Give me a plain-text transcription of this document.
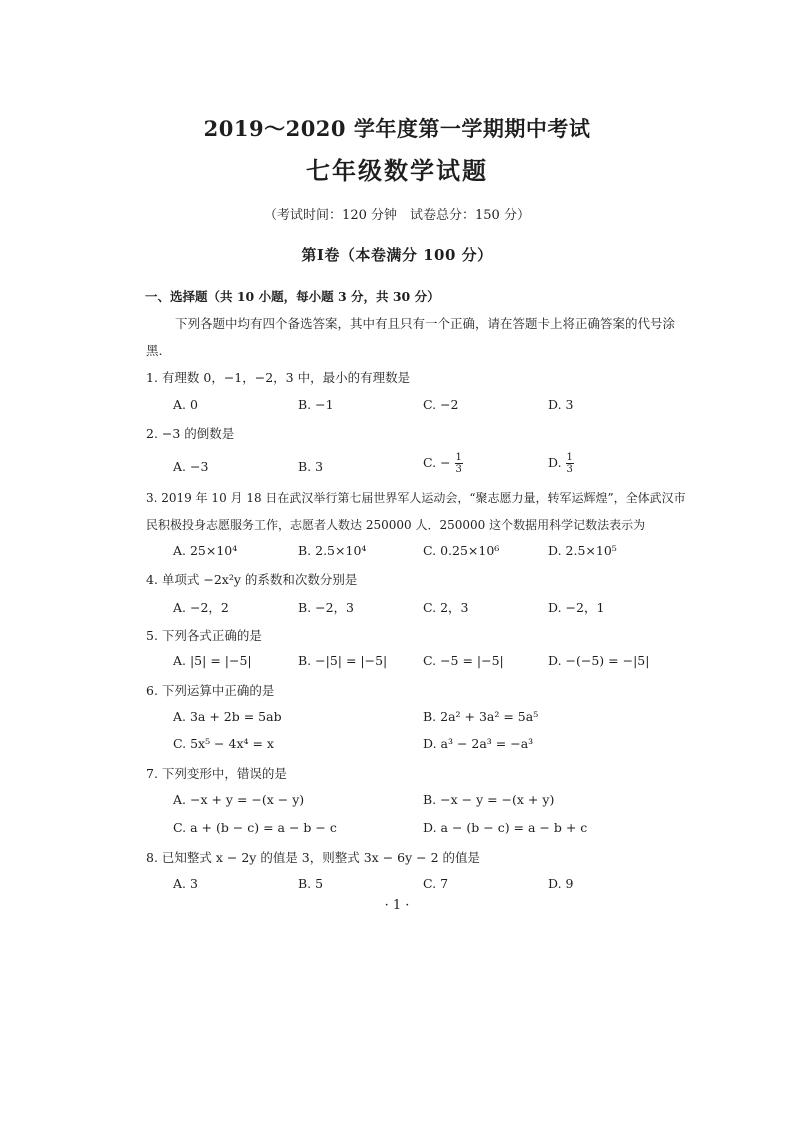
2019～2020 学年度第一学期期中考试
七年级数学试题
（考试时间：120 分钟　试卷总分：150 分）
第Ⅰ卷（本卷满分 100 分）
一、选择题（共 10 小题，每小题 3 分，共 30 分）
下列各题中均有四个备选答案，其中有且只有一个正确，请在答题卡上将正确答案的代号涂
黑.
1. 有理数 0，−1，−2，3 中，最小的有理数是
A. 0	B. −1	C. −2	D. 3
2. −3 的倒数是
A. −3	B. 3	C. − $\frac{1}{3}$	D. $\frac{1}{3}$
3. 2019 年 10 月 18 日在武汉举行第七届世界军人运动会，“聚志愿力量，转军运辉煌”，全体武汉市
民积极投身志愿服务工作，志愿者人数达 250000 人．250000 这个数据用科学记数法表示为
A. 25×10⁴	B. 2.5×10⁴	C. 0.25×10⁶	D. 2.5×10⁵
4. 单项式 −2x²y 的系数和次数分别是
A. −2，2	B. −2，3	C. 2，3	D. −2，1
5. 下列各式正确的是
A. |5| = |−5|	B. −|5| = |−5|	C. −5 = |−5|	D. −(−5) = −|5|
6. 下列运算中正确的是
A. 3a + 2b = 5ab	B. 2a² + 3a² = 5a⁵
C. 5x⁵ − 4x⁴ = x	D. a³ − 2a³ = −a³
7. 下列变形中，错误的是
A. −x + y = −(x − y)	B. −x − y = −(x + y)
C. a + (b − c) = a − b − c	D. a − (b − c) = a − b + c
8. 已知整式 x − 2y 的值是 3，则整式 3x − 6y − 2 的值是
A. 3	B. 5	C. 7	D. 9
· 1 ·
